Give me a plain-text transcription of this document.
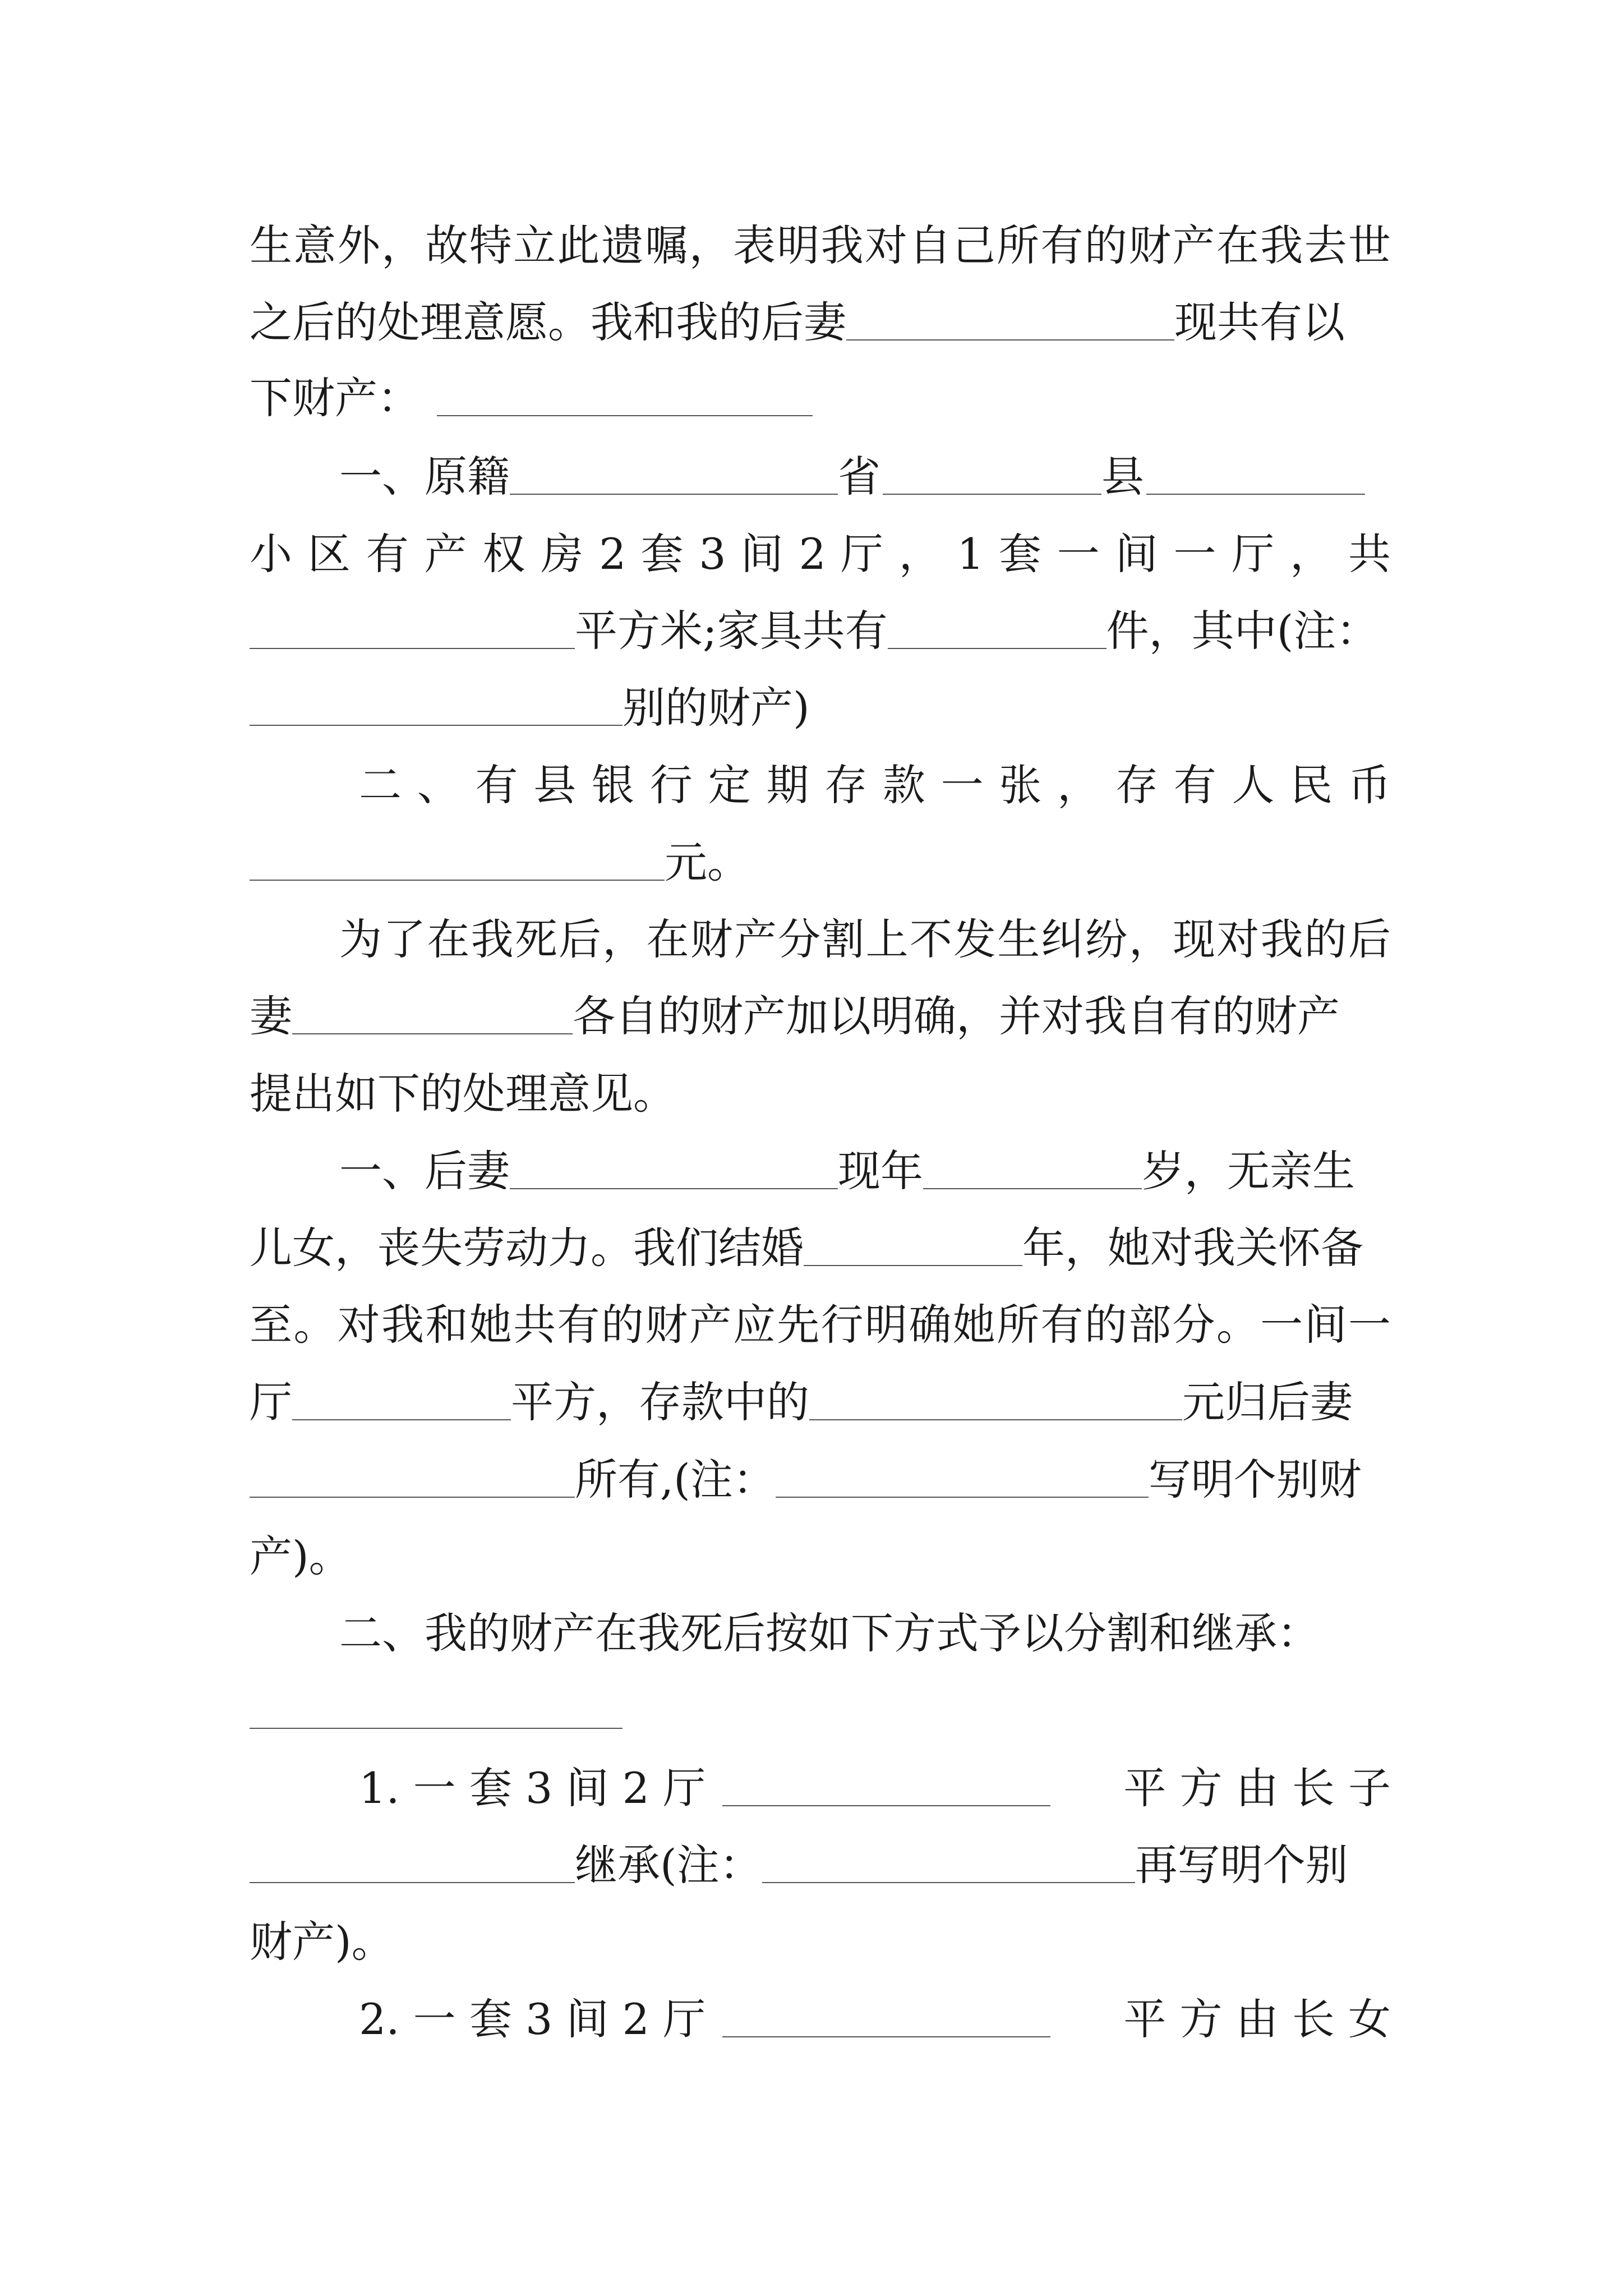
生意外，故特立此遗嘱，表明我对自己所有的财产在我去世
之后的处理意愿。我和我的后妻	现共有以
下财产：
一、原籍	省	县
小 区 有 产 权 房 2 套 3 间 2 厅 ， 1 套 一 间 一 厅 ， 共
平方米;家具共有	件，其中(注：
别的财产)
二 、 有 县 银 行 定 期 存 款 一 张 ， 存 有 人 民 币
元。
为了在我死后，在财产分割上不发生纠纷，现对我的后
妻	各自的财产加以明确，并对我自有的财产
提出如下的处理意见。
一、后妻	现年	岁，无亲生
儿女，丧失劳动力。我们结婚	年，她对我关怀备
至。对我和她共有的财产应先行明确她所有的部分。一间一
厅	平方，存款中的	元归后妻
所有,(注：	写明个别财
产)。
二、我的财产在我死后按如下方式予以分割和继承：
1. 一 套 3 间 2 厅	平 方 由 长 子
继承(注：	再写明个别
财产)。
2. 一 套 3 间 2 厅	平 方 由 长 女
